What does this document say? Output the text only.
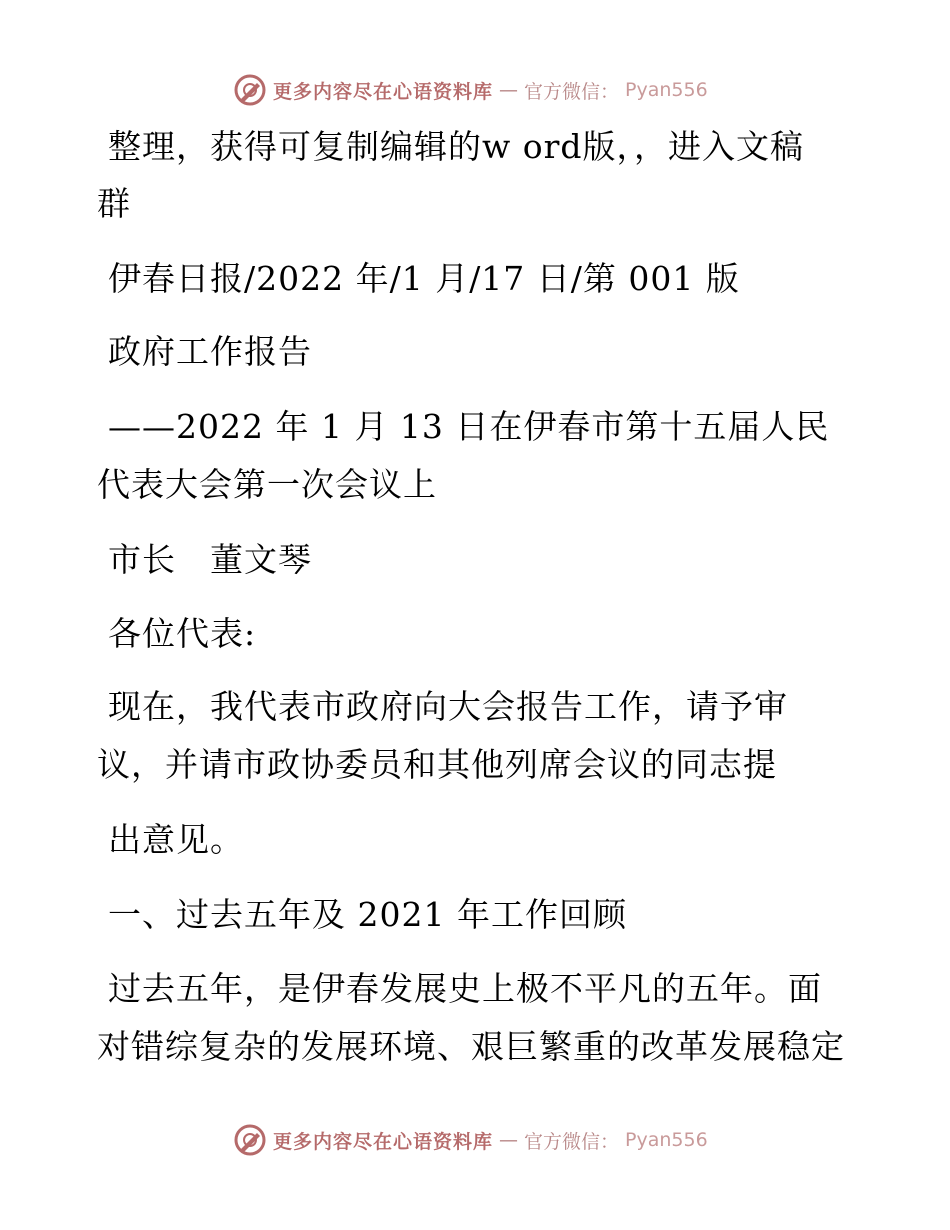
更多内容尽在心语资料库 — 官方微信： Pyan556
整理，获得可复制编辑的w ord版，，进入文稿
群
伊春日报/2022 年/1 月/17 日/第 001 版
政府工作报告
——2022 年 1 月 13 日在伊春市第十五届人民
代表大会第一次会议上
市长　董文琴
各位代表:
现在，我代表市政府向大会报告工作，请予审
议，并请市政协委员和其他列席会议的同志提
出意见。
一、过去五年及 2021 年工作回顾
过去五年，是伊春发展史上极不平凡的五年。面
对错综复杂的发展环境、艰巨繁重的改革发展稳定
更多内容尽在心语资料库 — 官方微信： Pyan556
